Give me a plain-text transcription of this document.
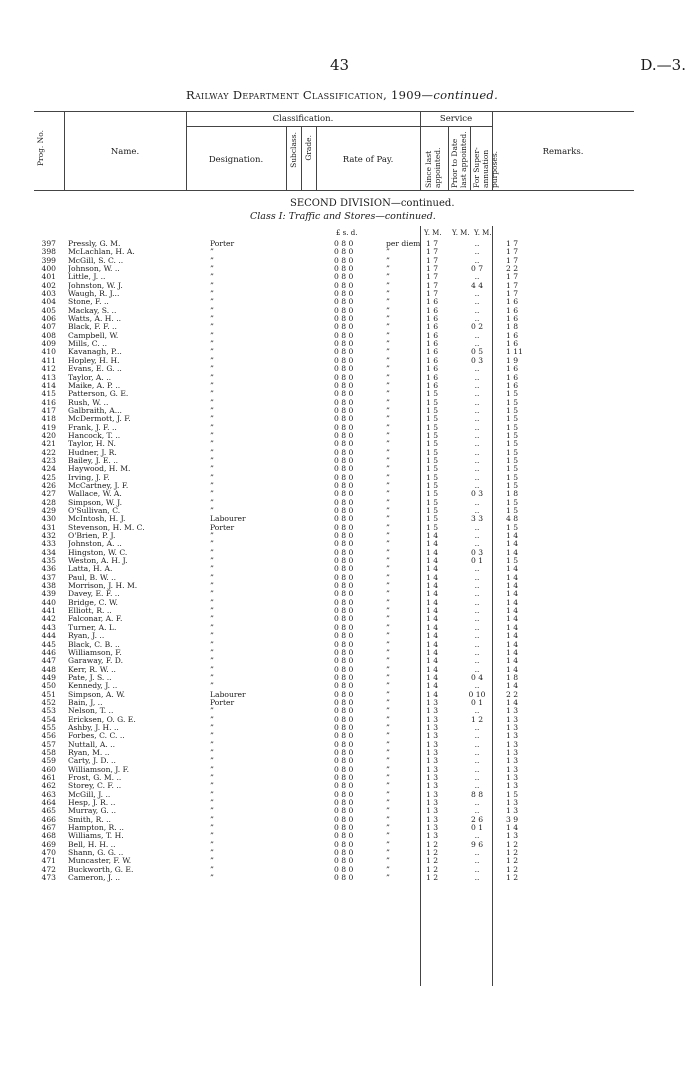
43	D.—3.
Railway Department Classification, 1909—continued.
Prog. No.	Name.
Classification.
Designation.	Subclass. Grade.	Rate of Pay.
Service
Since last appointed. Prior to Date last appointed. For Super-annuation purposes.	Remarks.
SECOND DIVISION—continued.
Class I: Traffic and Stores—continued.
£ s. d.	Y. M. Y. M. Y. M.
397 Pressly, G. M.	Porter	0 8 0	per diem 1 7	..	1 7
398 McLachlan, H. A.	”	0 8 0	”	1 7	..	1 7
399 McGill, S. C. ..	”	0 8 0	”	1 7	..	1 7
400 Johnson, W. ..	”	0 8 0	”	1 7	0 7	2 2
401 Little, J. ..	”	0 8 0	”	1 7	..	1 7
402 Johnston, W. J.	”	0 8 0	”	1 7	4 4	1 7
403 Waugh, R. J...	”	0 8 0	”	1 7	..	1 7
404 Stone, F. ..	”	0 8 0	”	1 6	..	1 6
405 Mackay, S. ..	”	0 8 0	”	1 6	..	1 6
406 Watts, A. H. ..	”	0 8 0	”	1 6	..	1 6
407 Black, F. F. ..	”	0 8 0	”	1 6	0 2	1 8
408 Campbell, W.	”	0 8 0	”	1 6	..	1 6
409 Mills, C. ..	”	0 8 0	”	1 6	..	1 6
410 Kavanagh, P...	”	0 8 0	”	1 6	0 5	1 11
411 Hopley, H. H.	”	0 8 0	”	1 6	0 3	1 9
412 Evans, E. G. ..	”	0 8 0	”	1 6	..	1 6
413 Taylor, A. ..	”	0 8 0	”	1 6	..	1 6
414 Maike, A. P. ..	”	0 8 0	”	1 6	..	1 6
415 Patterson, G. E.	”	0 8 0	”	1 5	..	1 5
416 Rush, W. ..	”	0 8 0	”	1 5	..	1 5
417 Galbraith, A...	”	0 8 0	”	1 5	..	1 5
418 McDermott, J. F.	”	0 8 0	”	1 5	..	1 5
419 Frank, J. F. ..	”	0 8 0	”	1 5	..	1 5
420 Hancock, T. ..	”	0 8 0	”	1 5	..	1 5
421 Taylor, H. N.	”	0 8 0	”	1 5	..	1 5
422 Hudner, J. R.	”	0 8 0	”	1 5	..	1 5
423 Bailey, J. E. ..	”	0 8 0	”	1 5	..	1 5
424 Haywood, H. M.	”	0 8 0	”	1 5	..	1 5
425 Irving, J. F.	”	0 8 0	”	1 5	..	1 5
426 McCartney, J. F.	”	0 8 0	”	1 5	..	1 5
427 Wallace, W. A.	”	0 8 0	”	1 5	0 3	1 8
428 Simpson, W. J.	”	0 8 0	”	1 5	..	1 5
429 O'Sullivan, C.	”	0 8 0	”	1 5	..	1 5
430 McIntosh, H. J.	Labourer	0 8 0	”	1 5	3 3	4 8
431 Stevenson, H. M. C.	Porter	0 8 0	”	1 5	..	1 5
432 O'Brien, P. J.	”	0 8 0	”	1 4	..	1 4
433 Johnston, A. ..	”	0 8 0	”	1 4	..	1 4
434 Hingston, W. C.	”	0 8 0	”	1 4	0 3	1 4
435 Weston, A. H. J.	”	0 8 0	”	1 4	0 1	1 5
436 Latta, H. A.	”	0 8 0	”	1 4	..	1 4
437 Paul, B. W. ..	”	0 8 0	”	1 4	..	1 4
438 Morrison, J. H. M.	”	0 8 0	”	1 4	..	1 4
439 Davey, E. F. ..	”	0 8 0	”	1 4	..	1 4
440 Bridge, C. W.	”	0 8 0	”	1 4	..	1 4
441 Elliott, R. ..	”	0 8 0	”	1 4	..	1 4
442 Falconar, A. F.	”	0 8 0	”	1 4	..	1 4
443 Turner, A. L.	”	0 8 0	”	1 4	..	1 4
444 Ryan, J. ..	”	0 8 0	”	1 4	..	1 4
445 Black, C. B. ..	”	0 8 0	”	1 4	..	1 4
446 Williamson, F.	”	0 8 0	”	1 4	..	1 4
447 Garaway, F. D.	”	0 8 0	”	1 4	..	1 4
448 Kerr, R. W. ..	”	0 8 0	”	1 4	..	1 4
449 Pate, J. S. ..	”	0 8 0	”	1 4	0 4	1 8
450 Kennedy, J. ..	”	0 8 0	”	1 4	..	1 4
451 Simpson, A. W.	Labourer	0 8 0	”	1 4	0 10	2 2
452 Bain, J, ..	Porter	0 8 0	”	1 3	0 1	1 4
453 Nelson, T. ..	”	0 8 0	”	1 3	..	1 3
454 Ericksen, O. G. E.	”	0 8 0	”	1 3	1 2	1 3
455 Ashby, J. H. ..	”	0 8 0	”	1 3	..	1 3
456 Forbes, C. C. ..	”	0 8 0	”	1 3	..	1 3
457 Nuttall, A. ..	”	0 8 0	”	1 3	..	1 3
458 Ryan, M. ..	”	0 8 0	”	1 3	..	1 3
459 Carty, J. D. ..	”	0 8 0	”	1 3	..	1 3
460 Williamson, J. F.	”	0 8 0	”	1 3	..	1 3
461 Frost, G. M. ..	”	0 8 0	”	1 3	..	1 3
462 Storey, C. F. ..	”	0 8 0	”	1 3	..	1 3
463 McGill, J. ..	”	0 8 0	”	1 3	8 8	1 5
464 Hesp, J. R. ..	”	0 8 0	”	1 3	..	1 3
465 Murray, G. ..	”	0 8 0	”	1 3	..	1 3
466 Smith, R. ..	”	0 8 0	”	1 3	2 6	3 9
467 Hampton, R. ..	”	0 8 0	”	1 3	0 1	1 4
468 Williams, T. H.	”	0 8 0	”	1 3	..	1 3
469 Bell, H. H. ..	”	0 8 0	”	1 2	9 6	1 2
470 Shann, G. G. ..	”	0 8 0	”	1 2	..	1 2
471 Muncaster, F. W.	”	0 8 0	”	1 2	..	1 2
472 Buckworth, G. E.	”	0 8 0	”	1 2	..	1 2
473 Cameron, J. ..	”	0 8 0	”	1 2	..	1 2
